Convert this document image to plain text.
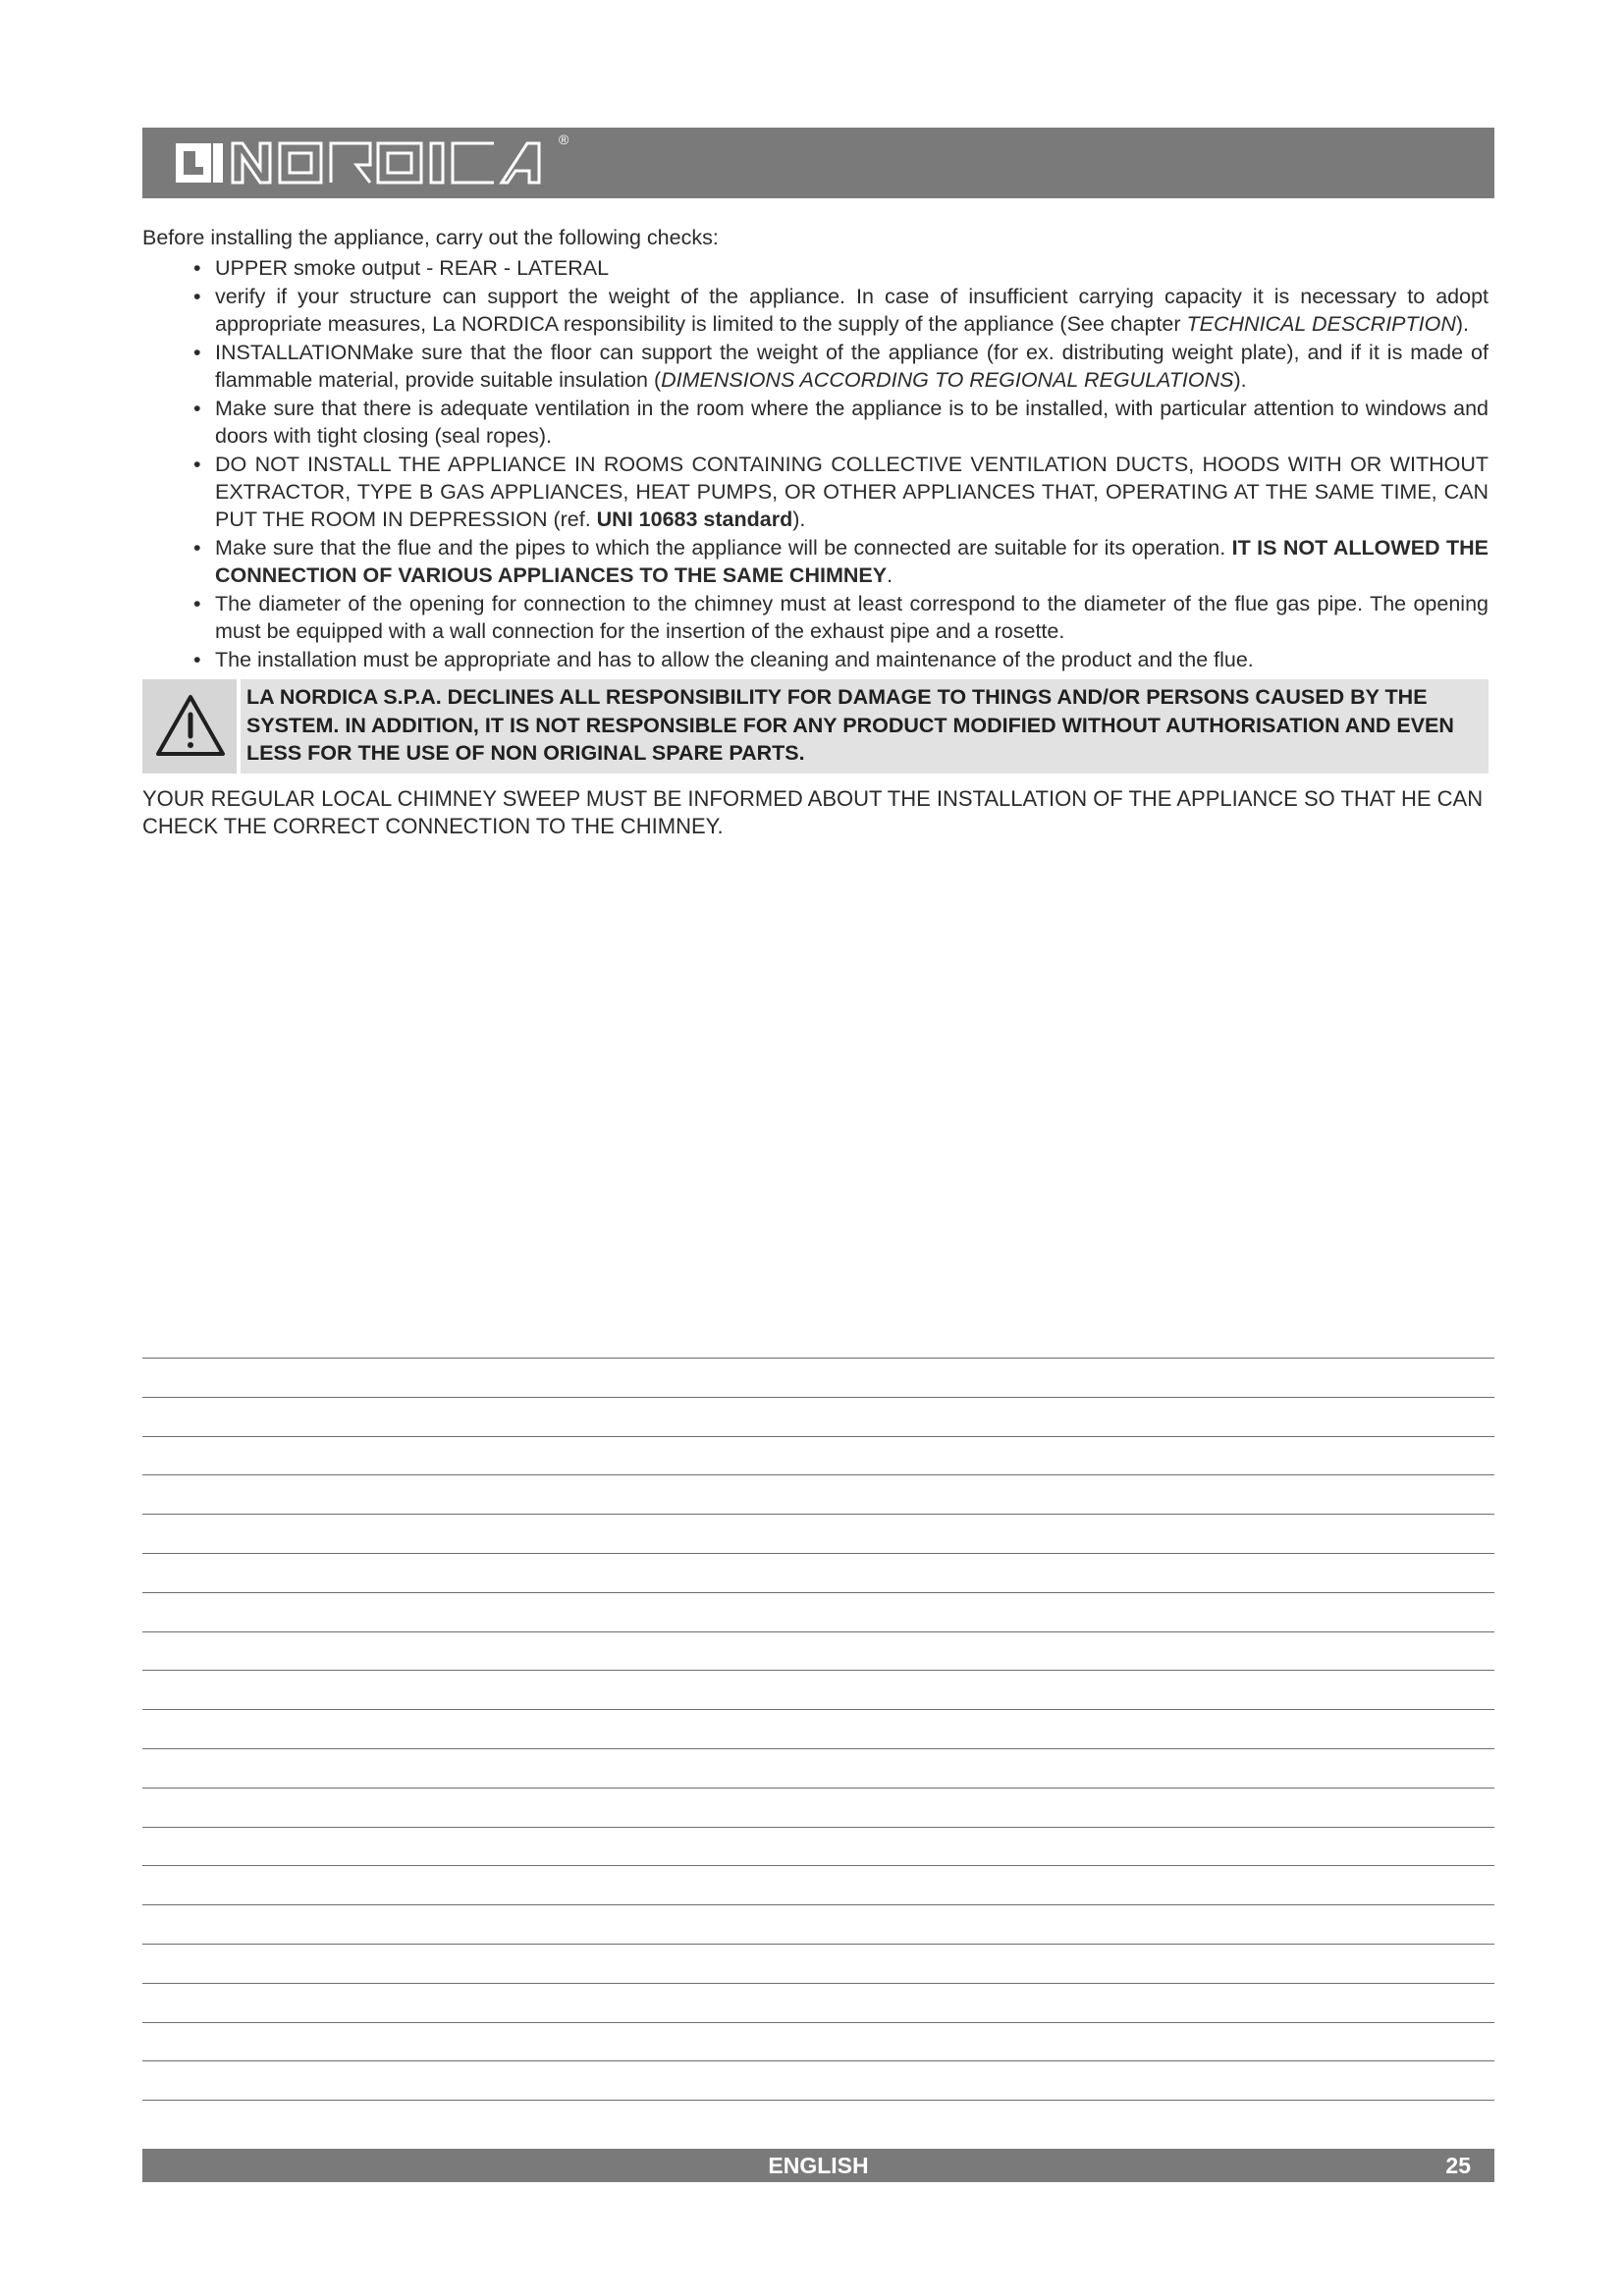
®

Before installing the appliance, carry out the following checks:

• UPPER smoke output - REAR - LATERAL
• verify if your structure can support the weight of the appliance. In case of insufficient carrying capacity it is necessary to adopt appropriate measures, La NORDICA responsibility is limited to the supply of the appliance (See chapter TECHNICAL DESCRIPTION).
• INSTALLATIONMake sure that the floor can support the weight of the appliance (for ex. distributing weight plate), and if it is made of flammable material, provide suitable insulation (DIMENSIONS ACCORDING TO REGIONAL REGULATIONS).
• Make sure that there is adequate ventilation in the room where the appliance is to be installed, with particular attention to windows and doors with tight closing (seal ropes).
• DO NOT INSTALL THE APPLIANCE IN ROOMS CONTAINING COLLECTIVE VENTILATION DUCTS, HOODS WITH OR WITHOUT EXTRACTOR, TYPE B GAS APPLIANCES, HEAT PUMPS, OR OTHER APPLIANCES THAT, OPERATING AT THE SAME TIME, CAN PUT THE ROOM IN DEPRESSION (ref. UNI 10683 standard).
• Make sure that the flue and the pipes to which the appliance will be connected are suitable for its operation. IT IS NOT ALLOWED THE CONNECTION OF VARIOUS APPLIANCES TO THE SAME CHIMNEY.
• The diameter of the opening for connection to the chimney must at least correspond to the diameter of the flue gas pipe. The opening must be equipped with a wall connection for the insertion of the exhaust pipe and a rosette.
• The installation must be appropriate and has to allow the cleaning and maintenance of the product and the flue.
LA NORDICA S.P.A. DECLINES ALL RESPONSIBILITY FOR DAMAGE TO THINGS AND/OR PERSONS CAUSED BY THE SYSTEM. IN ADDITION, IT IS NOT RESPONSIBLE FOR ANY PRODUCT MODIFIED WITHOUT AUTHORISATION AND EVEN LESS FOR THE USE OF NON ORIGINAL SPARE PARTS.

YOUR REGULAR LOCAL CHIMNEY SWEEP MUST BE INFORMED ABOUT THE INSTALLATION OF THE APPLIANCE SO THAT HE CAN CHECK THE CORRECT CONNECTION TO THE CHIMNEY.

ENGLISH	25
